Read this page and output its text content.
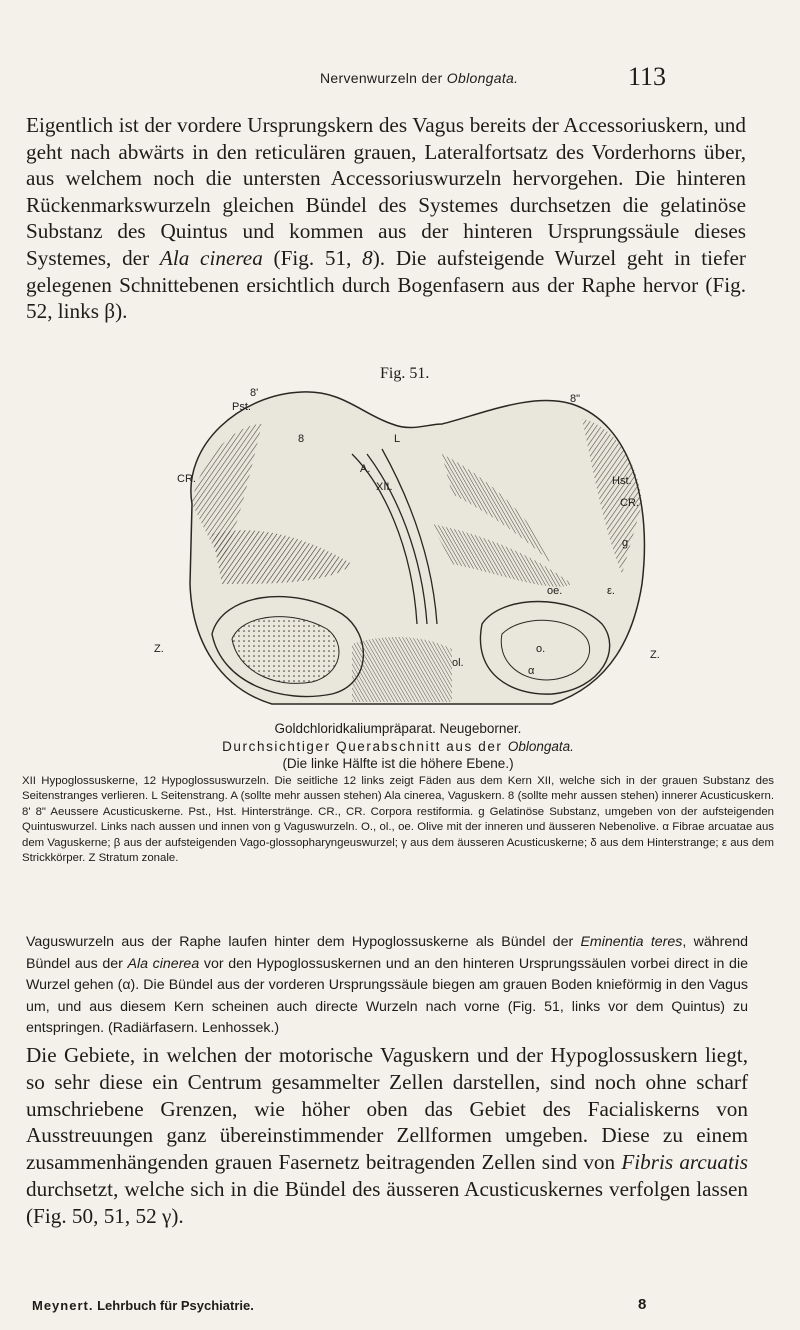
Nervenwurzeln der Oblongata.	113
Eigentlich ist der vordere Ursprungskern des Vagus bereits der Accessoriuskern, und geht nach abwärts in den reticulären grauen, Lateralfortsatz des Vorderhorns über, aus welchem noch die untersten Accessoriuswurzeln hervorgehen. Die hinteren Rückenmarkswurzeln gleichen Bündel des Systemes durchsetzen die gelatinöse Substanz des Quintus und kommen aus der hinteren Ursprungssäule dieses Systemes, der Ala cinerea (Fig. 51, 8). Die aufsteigende Wurzel geht in tiefer gelegenen Schnittebenen ersichtlich durch Bogenfasern aus der Raphe hervor (Fig. 52, links β).
Fig. 51.
Pst.
8'
8
A.
XII.
L
8"
Hst.
CR.
CR.
g
oe.	ε.
o.
ol.
α
Z.	Z.
Goldchloridkaliumpräparat. Neugeborner.
Durchsichtiger Querabschnitt aus der Oblongata.
(Die linke Hälfte ist die höhere Ebene.)
XII Hypoglossuskerne, 12 Hypoglossuswurzeln. Die seitliche 12 links zeigt Fäden aus dem Kern XII, welche sich in der grauen Substanz des Seitenstranges verlieren. L Seitenstrang. A (sollte mehr aussen stehen) Ala cinerea, Vaguskern. 8 (sollte mehr aussen stehen) innerer Acusticuskern. 8' 8" Aeussere Acusticuskerne. Pst., Hst. Hinterstränge. CR., CR. Corpora restiformia. g Gelatinöse Substanz, umgeben von der aufsteigenden Quintuswurzel. Links nach aussen und innen von g Vaguswurzeln. O., ol., oe. Olive mit der inneren und äusseren Nebenolive. α Fibrae arcuatae aus dem Vaguskerne; β aus der aufsteigenden Vago-glossopharyngeuswurzel; γ aus dem äusseren Acusticuskerne; δ aus dem Hinterstrange; ε aus dem Strickkörper. Z Stratum zonale.
Vaguswurzeln aus der Raphe laufen hinter dem Hypoglossuskerne als Bündel der Eminentia teres, während Bündel aus der Ala cinerea vor den Hypoglossuskernen und an den hinteren Ursprungssäulen vorbei direct in die Wurzel gehen (α). Die Bündel aus der vorderen Ursprungssäule biegen am grauen Boden knieförmig in den Vagus um, und aus diesem Kern scheinen auch directe Wurzeln nach vorne (Fig. 51, links vor dem Quintus) zu entspringen. (Radiärfasern. Lenhossek.)
Die Gebiete, in welchen der motorische Vaguskern und der Hypoglossuskern liegt, so sehr diese ein Centrum gesammelter Zellen darstellen, sind noch ohne scharf umschriebene Grenzen, wie höher oben das Gebiet des Facialiskerns von Ausstreuungen ganz übereinstimmender Zellformen umgeben. Diese zu einem zusammenhängenden grauen Fasernetz beitragenden Zellen sind von Fibris arcuatis durchsetzt, welche sich in die Bündel des äusseren Acusticuskernes verfolgen lassen (Fig. 50, 51, 52 γ).
Meynert. Lehrbuch für Psychiatrie.	8
